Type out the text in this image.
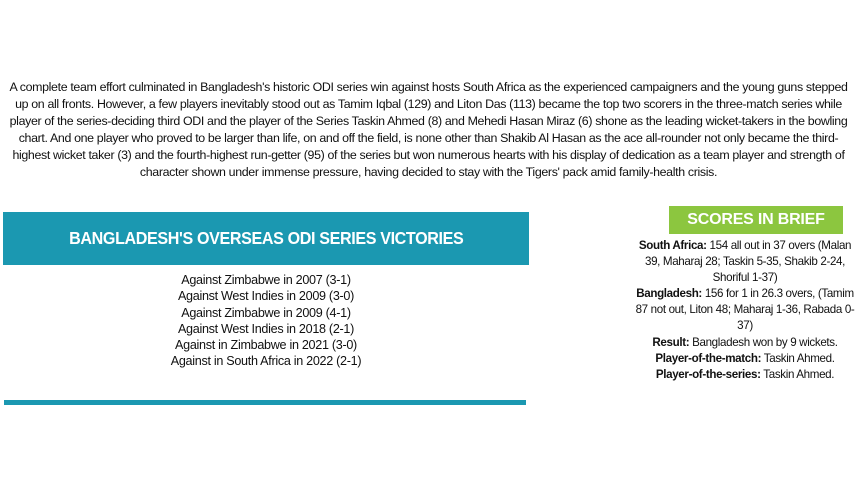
A complete team effort culminated in Bangladesh's historic ODI series win against hosts South Africa as the experienced campaigners and the young guns stepped up on all fronts. However, a few players inevitably stood out as Tamim Iqbal (129) and Liton Das (113) became the top two scorers in the three-match series while player of the series-deciding third ODI and the player of the Series Taskin Ahmed (8) and Mehedi Hasan Miraz (6) shone as the leading wicket-takers in the bowling chart. And one player who proved to be larger than life, on and off the field, is none other than Shakib Al Hasan as the ace all-rounder not only became the third-highest wicket taker (3) and the fourth-highest run-getter (95) of the series but won numerous hearts with his display of dedication as a team player and strength of character shown under immense pressure, having decided to stay with the Tigers' pack amid family-health crisis.
BANGLADESH'S OVERSEAS ODI SERIES VICTORIES
Against Zimbabwe in 2007 (3-1)
Against West Indies in 2009 (3-0)
Against Zimbabwe in 2009 (4-1)
Against West Indies in 2018 (2-1)
Against in Zimbabwe in 2021 (3-0)
Against in South Africa in 2022 (2-1)
SCORES IN BRIEF
South Africa: 154 all out in 37 overs (Malan 39, Maharaj 28; Taskin 5-35, Shakib 2-24, Shoriful 1-37)
Bangladesh: 156 for 1 in 26.3 overs, (Tamim 87 not out, Liton 48; Maharaj 1-36, Rabada 0-37)
Result: Bangladesh won by 9 wickets.
Player-of-the-match: Taskin Ahmed.
Player-of-the-series: Taskin Ahmed.
